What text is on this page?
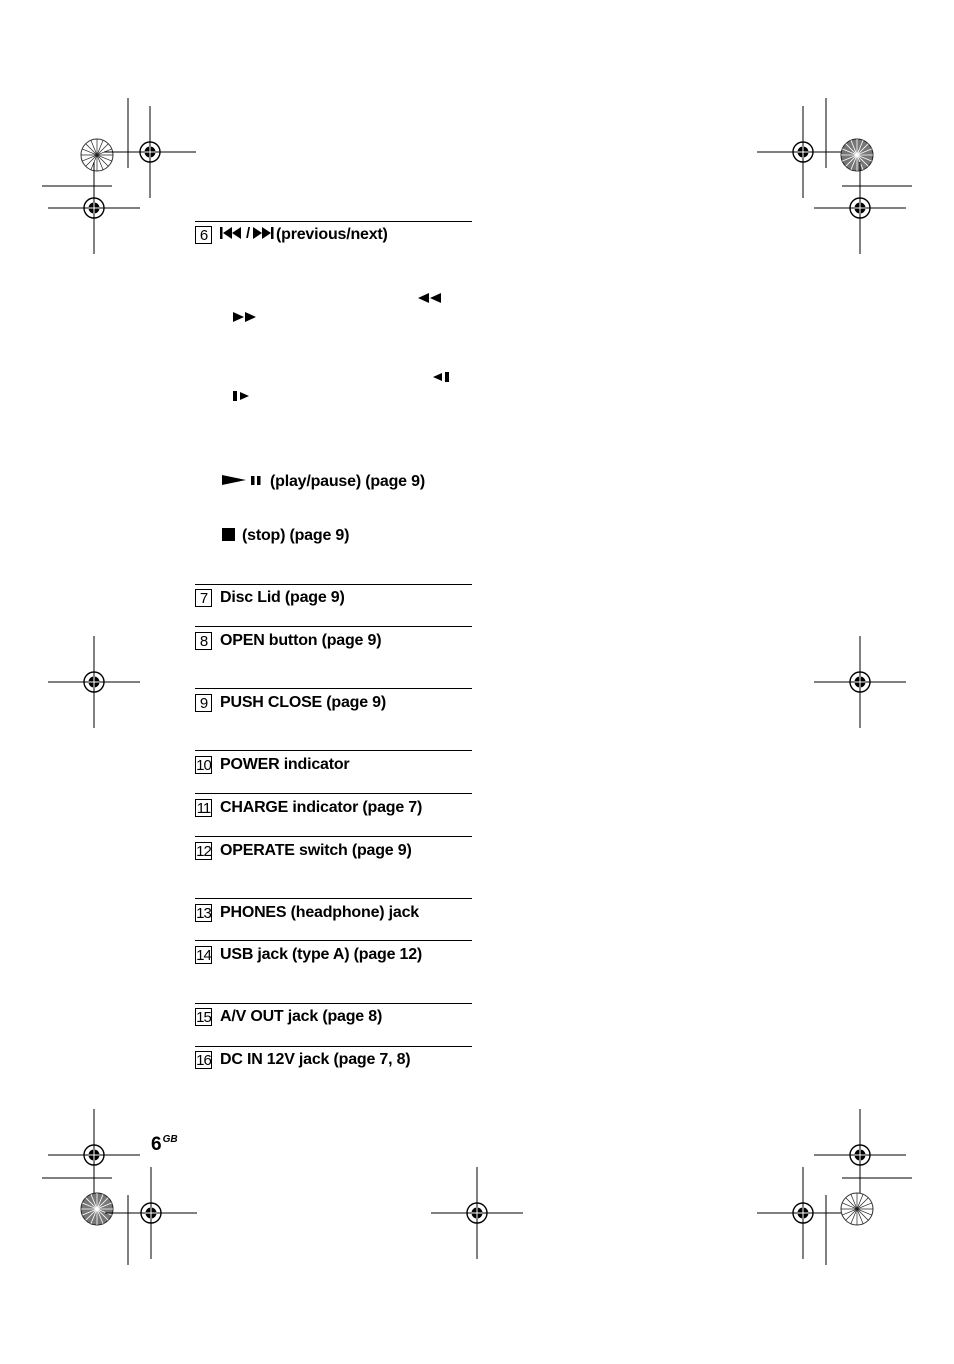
6	/ (previous/next)
(play/pause) (page 9)
(stop) (page 9)
7 Disc Lid (page 9)
8 OPEN button (page 9)
9 PUSH CLOSE (page 9)
10 POWER indicator
11 CHARGE indicator (page 7)
12 OPERATE switch (page 9)
13 PHONES (headphone) jack
14 USB jack (type A) (page 12)
15 A/V OUT jack (page 8)
16 DC IN 12V jack (page 7, 8)
$6^{GB}$
